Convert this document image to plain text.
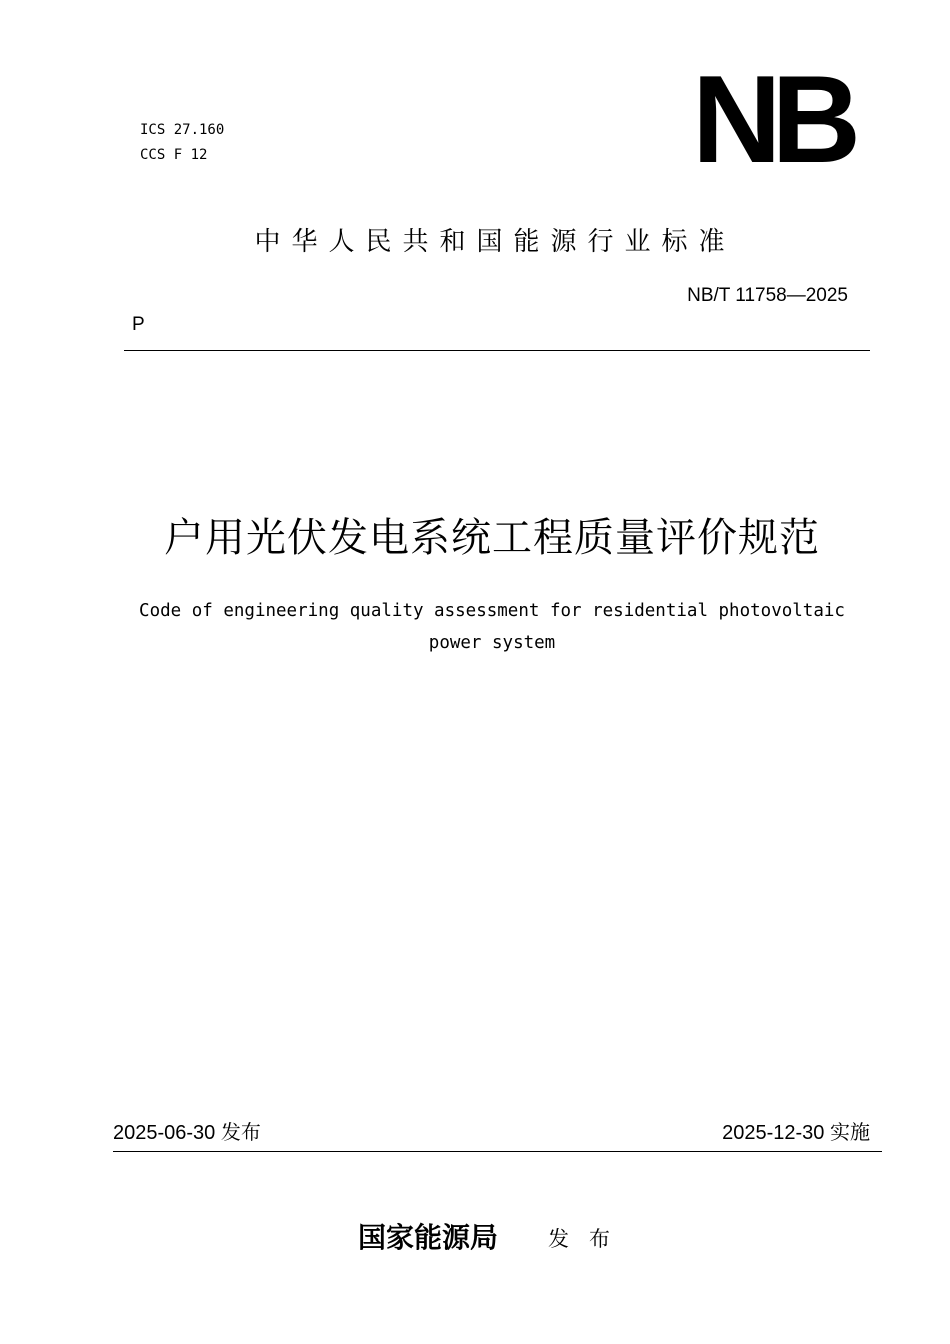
ICS 27.160
CCS F 12	NB
中华人民共和国能源行业标准
NB/T 11758—2025
P
户用光伏发电系统工程质量评价规范
Code of engineering quality assessment for residential photovoltaic
power system
2025-06-30 发布	2025-12-30 实施
国家能源局 发布
